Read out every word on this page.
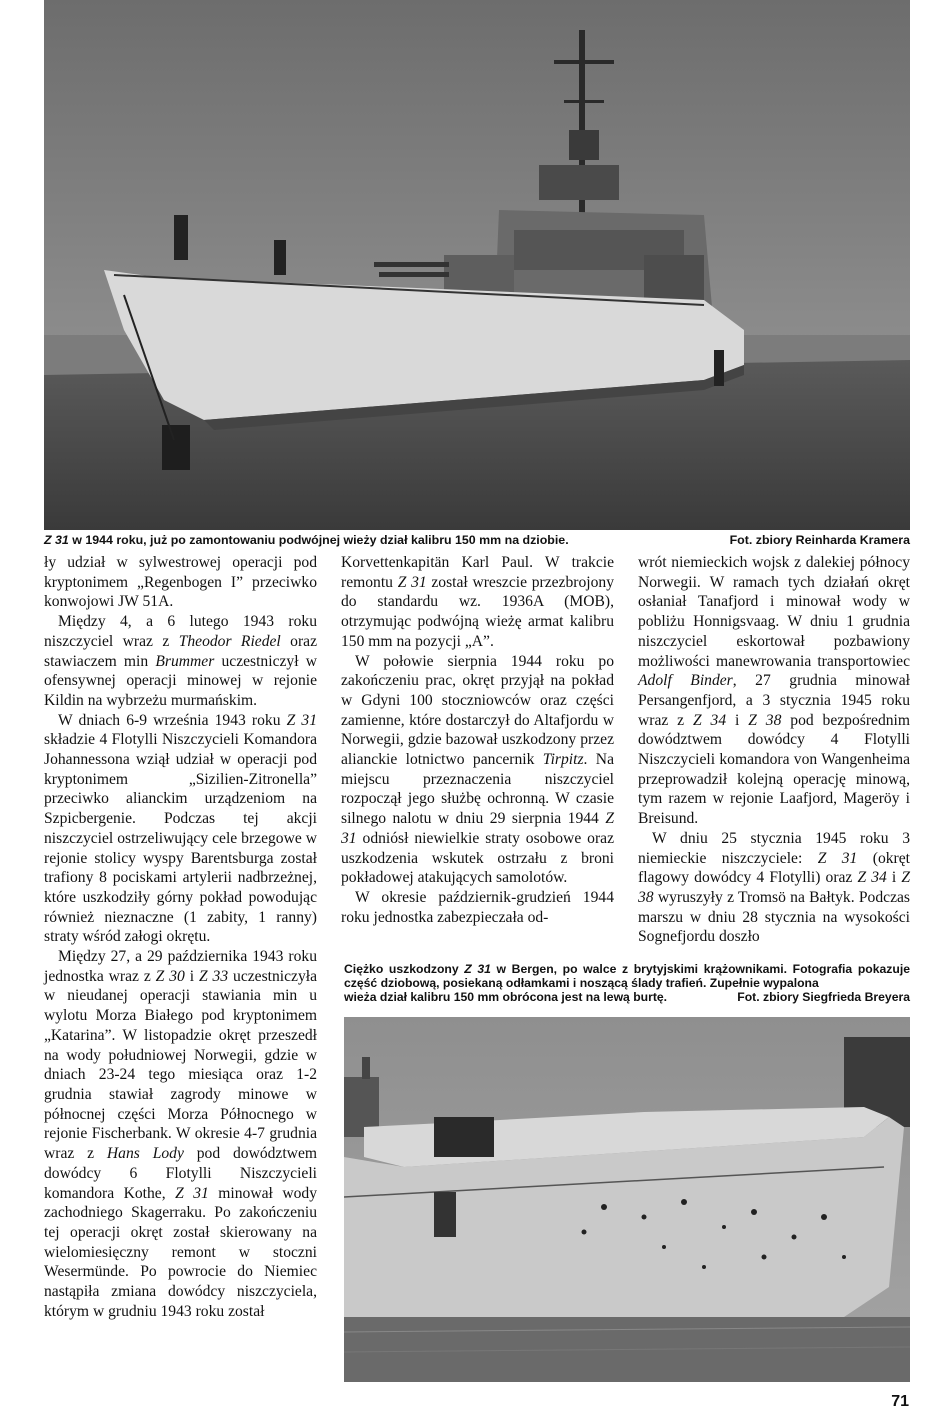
Z 31 w 1944 roku, już po zamontowaniu podwójnej wieży dział kalibru 150 mm na dziobie.	Fot. zbiory Reinharda Kramera

ły udział w sylwestrowej operacji pod kryptonimem „Regenbogen I” przeciwko konwojowi JW 51A.

Między 4, a 6 lutego 1943 roku niszczyciel wraz z Theodor Riedel oraz stawiaczem min Brummer uczestniczył w ofensywnej operacji minowej w rejonie Kildin na wybrzeżu murmańskim.

W dniach 6-9 września 1943 roku Z 31 składzie 4 Flotylli Niszczycieli Komandora Johannessona wziął udział w operacji pod kryptonimem „Sizilien-Zitronella” przeciwko alianckim urządzeniom na Szpicbergenie. Podczas tej akcji niszczyciel ostrzeliwujący cele brzegowe w rejonie stolicy wyspy Barentsburga został trafiony 8 pociskami artylerii nadbrzeżnej, które uszkodziły górny pokład powodując również nieznaczne (1 zabity, 1 ranny) straty wśród załogi okrętu.

Między 27, a 29 października 1943 roku jednostka wraz z Z 30 i Z 33 uczestniczyła w nieudanej operacji stawiania min u wylotu Morza Białego pod kryptonimem „Katarina”. W listopadzie okręt przeszedł na wody południowej Norwegii, gdzie w dniach 23-24 tego miesiąca oraz 1-2 grudnia stawiał zagrody minowe w północnej części Morza Północnego w rejonie Fischerbank. W okresie 4-7 grudnia wraz z Hans Lody pod dowództwem dowódcy 6 Flotylli Niszczycieli komandora Kothe, Z 31 minował wody zachodniego Skagerraku. Po zakończeniu tej operacji okręt został skierowany na wielomiesięczny remont w stoczni Wesermünde. Po powrocie do Niemiec nastąpiła zmiana dowódcy niszczyciela, którym w grudniu 1943 roku został

Korvettenkapitän Karl Paul. W trakcie remontu Z 31 został wreszcie przezbrojony do standardu wz. 1936A (MOB), otrzymując podwójną wieżę armat kalibru 150 mm na pozycji „A”.

W połowie sierpnia 1944 roku po zakończeniu prac, okręt przyjął na pokład w Gdyni 100 stoczniowców oraz części zamienne, które dostarczył do Altafjordu w Norwegii, gdzie bazował uszkodzony przez alianckie lotnictwo pancernik Tirpitz. Na miejscu przeznaczenia niszczyciel rozpoczął jego służbę ochronną. W czasie silnego nalotu w dniu 29 sierpnia 1944 Z 31 odniósł niewielkie straty osobowe oraz uszkodzenia wskutek ostrzału z broni pokładowej atakujących samolotów.

W okresie październik-grudzień 1944 roku jednostka zabezpieczała od-

wrót niemieckich wojsk z dalekiej północy Norwegii. W ramach tych działań okręt osłaniał Tanafjord i minował wody w pobliżu Honnigsvaag. W dniu 1 grudnia niszczyciel eskortował pozbawiony możliwości manewrowania transportowiec Adolf Binder, 27 grudnia minował Persangenfjord, a 3 stycznia 1945 roku wraz z Z 34 i Z 38 pod bezpośrednim dowództwem dowódcy 4 Flotylli Niszczycieli komandora von Wangenheima przeprowadził kolejną operację minową, tym razem w rejonie Laafjord, Mageröy i Breisund.

W dniu 25 stycznia 1945 roku 3 niemieckie niszczyciele: Z 31 (okręt flagowy dowódcy 4 Flotylli) oraz Z 34 i Z 38 wyruszyły z Tromsö na Bałtyk. Podczas marszu w dniu 28 stycznia na wysokości Sognefjordu doszło

Ciężko uszkodzony Z 31 w Bergen, po walce z brytyjskimi krążownikami. Fotografia pokazuje część dziobową, posiekaną odłamkami i noszącą ślady trafień. Zupełnie wypalona
wieża dział kalibru 150 mm obrócona jest na lewą burtę.	Fot. zbiory Siegfrieda Breyera
71
